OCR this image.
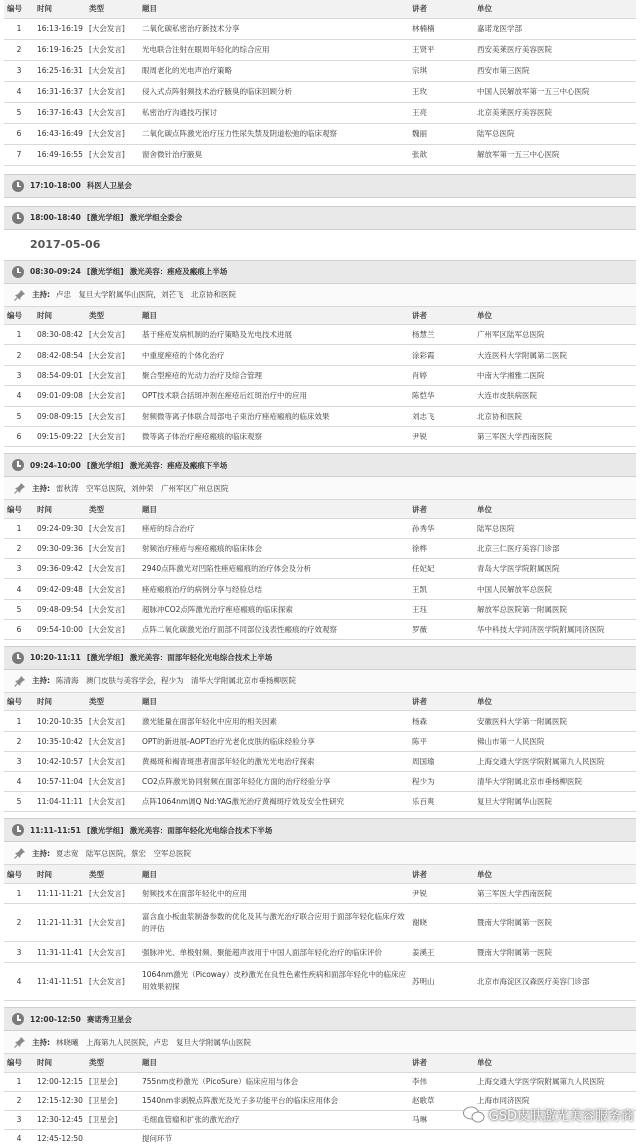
编号	时间	类型	题目	讲者	单位
1	16:13-16:19	[大会发言]	二氧化碳私密治疗新技术分享	林楠楠	嘉诺龙医学部
2	16:19-16:25	[大会发言]	光电联合注射在眼周年轻化的综合应用	王贤平	西安美莱医疗美容医院
3	16:25-16:31	[大会发言]	眼周老化的光电声治疗策略	宗琪	西安市第三医院
4	16:31-16:37	[大会发言]	侵入式点阵射频技术治疗腋臭的临床回顾分析	王玫	中国人民解放军第一五三中心医院
5	16:37-16:43	[大会发言]	私密治疗沟通技巧探讨	王亮	北京美莱医疗美容医院
6	16:43-16:49	[大会发言]	二氧化碳点阵激光治疗压力性尿失禁及阴道松弛的临床观察	魏丽	陆军总医院
7	16:49-16:55	[大会发言]	窗舍微针治疗腋臭	张歆	解放军第一五三中心医院
17:10-18:00 科医人卫星会
18:00-18:40 [激光学组] 激光学组全委会
2017-05-06
08:30-09:24 [激光学组] 激光美容：痤疮及瘢痕上半场
主持: 卢忠　复旦大学附属华山医院，刘芒飞　北京协和医院
编号	时间	类型	题目	讲者	单位
1	08:30-08:42	[大会发言]	基于痤疮发病机制的治疗策略及光电技术进展	杨慧兰	广州军区陆军总医院
2	08:42-08:54	[大会发言]	中重度痤疮的个体化治疗	涂彩霞	大连医科大学附属第二医院
3	08:54-09:01	[大会发言]	聚合型痤疮的光动力治疗及综合管理	肖婷	中南大学湘雅二医院
4	09:01-09:08	[大会发言]	OPT技术联合括斑冲剂在痤疮后红斑治疗中的应用	陈恺华	大连市皮肤病医院
5	09:08-09:15	[大会发言]	射频微等离子体联合局部电子束治疗痤疮瘢痕的临床效果	刘志飞	北京协和医院
6	09:15-09:22	[大会发言]	微等离子体治疗痤疮瘢痕的临床观察	尹锐	第三军医大学西南医院
09:24-10:00 [激光学组] 激光美容：痤疮及瘢痕下半场
主持: 雷秋涛　空军总医院，刘仲荣　广州军区广州总医院
编号	时间	类型	题目	讲者	单位
1	09:24-09:30	[大会发言]	痤疮的综合治疗	孙秀华	陆军总医院
2	09:30-09:36	[大会发言]	射频治疗痤疮与痤疮瘢痕的临床体会	徐桦	北京三仁医疗美容门诊部
3	09:36-09:42	[大会发言]	2940点阵激光对凹陷性痤疮瘢痕的治疗体会及分析	任妃妃	青岛大学医学院附属医院
4	09:42-09:48	[大会发言]	痤疮瘢痕治疗的病例分享与经验总结	王凯	中国人民解放军总医院
5	09:48-09:54	[大会发言]	超脉冲CO2点阵激光治疗痤疮瘢痕的临床探索	王珏	解放军总医院第一附属医院
6	09:54-10:00	[大会发言]	点阵二氧化碳激光治疗面部不同部位浅表性瘢痕的疗效观察	罗薇	华中科技大学同济医学院附属同济医院
10:20-11:11 [激光学组] 激光美容：面部年轻化光电综合技术上半场
主持: 陈清海　澳门皮肤与美容学会，程少为　清华大学附属北京市垂杨柳医院
编号	时间	类型	题目	讲者	单位
1	10:20-10:35	[大会发言]	激光能量在面部年轻化中应用的相关因素	杨森	安徽医科大学第一附属医院
2	10:35-10:42	[大会发言]	OPT的新进展-AOPT治疗光老化皮肤的临床经验分享	陈平	佛山市第一人民医院
3	10:42-10:57	[大会发言]	黄褐斑和褐青斑患者面部年轻化的激光光电治疗探索	周国瑜	上海交通大学医学院附属第九人民医院
4	10:57-11:04	[大会发言]	CO2点阵激光协同射频在面部年轻化方面的治疗经验分享	程少为	清华大学附属北京市垂杨柳医院
5	11:04-11:11	[大会发言]	点阵1064nm调Q Nd:YAG激光治疗黄褐斑疗效及安全性研究	乐百爽	复旦大学附属华山医院
11:11-11:51 [激光学组] 激光美容：面部年轻化光电综合技术下半场
主持: 夏志宽　陆军总医院，蔡宏　空军总医院
编号	时间	类型	题目	讲者	单位
1	11:11-11:21	[大会发言]	射频技术在面部年轻化中的应用	尹锐	第三军医大学西南医院
2	11:21-11:31	[大会发言]	富含血小板血浆制备参数的优化及其与激光治疗联合应用于面部年轻化临床疗效的评估	谢晓	暨南大学附属第一医院
3	11:31-11:41	[大会发言]	强脉冲光、单极射频、聚能超声波用于中国人面部年轻化治疗的临床评价	姜溪王	暨南大学附属第一医院
4	11:41-11:51	[大会发言]	1064nm激光（Picoway）皮秒激光在良性色素性疾病和面部年轻化中的临床应用效果初探	苏明山	北京市海淀区汉森医疗美容门诊部
12:00-12:50 赛诺秀卫星会
主持: 林晓曦　上海第九人民医院，卢忠　复旦大学附属华山医院
编号	时间	类型	题目	讲者	单位
1	12:00-12:15	[卫星会]	755nm皮秒激光（PicoSure）临床应用与体会	李伟	上海交通大学医学院附属第九人民医院
2	12:15-12:30	[卫星会]	1540nm非剥脱点阵激光及光子多功能平台的临床应用体会	赵歌草	上海市同济医院
3	12:30-12:45	[卫星会]	毛细血管瘤和扩张的激光治疗	马琳	
4	12:45-12:50		提问环节		
GSD皮肤激光美容服务商
